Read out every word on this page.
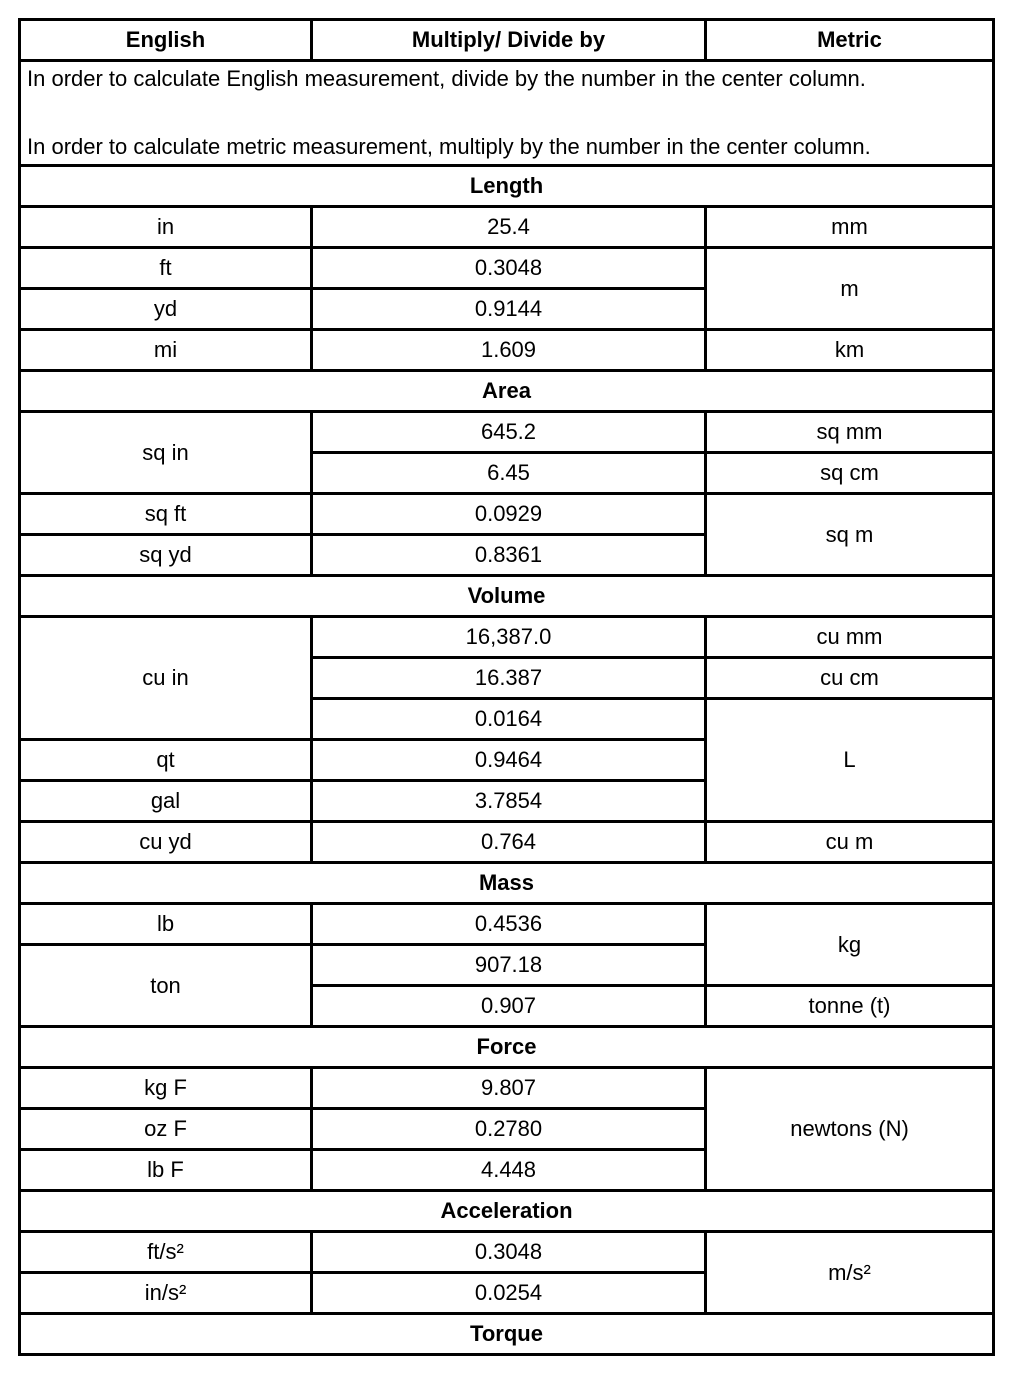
English	Multiply/ Divide by	Metric

In order to calculate English measurement, divide by the number in the center column.

In order to calculate metric measurement, multiply by the number in the center column.		

Length		
in	25.4	mm
ft	0.3048	m
yd	0.9144	
mi	1.609	km
Area		
sq in	645.2	sq mm
	6.45	sq cm
sq ft	0.0929	sq m
sq yd	0.8361	
Volume		
cu in	16,387.0	cu mm
	16.387	cu cm
	0.0164	L
qt	0.9464	
gal	3.7854	
cu yd	0.764	cu m
Mass		
lb	0.4536	kg
ton	907.18	
	0.907	tonne (t)
Force		
kg F	9.807	newtons (N)
oz F	0.2780	
lb F	4.448	
Acceleration		
ft/s²	0.3048	m/s²
in/s²	0.0254	
Torque		
